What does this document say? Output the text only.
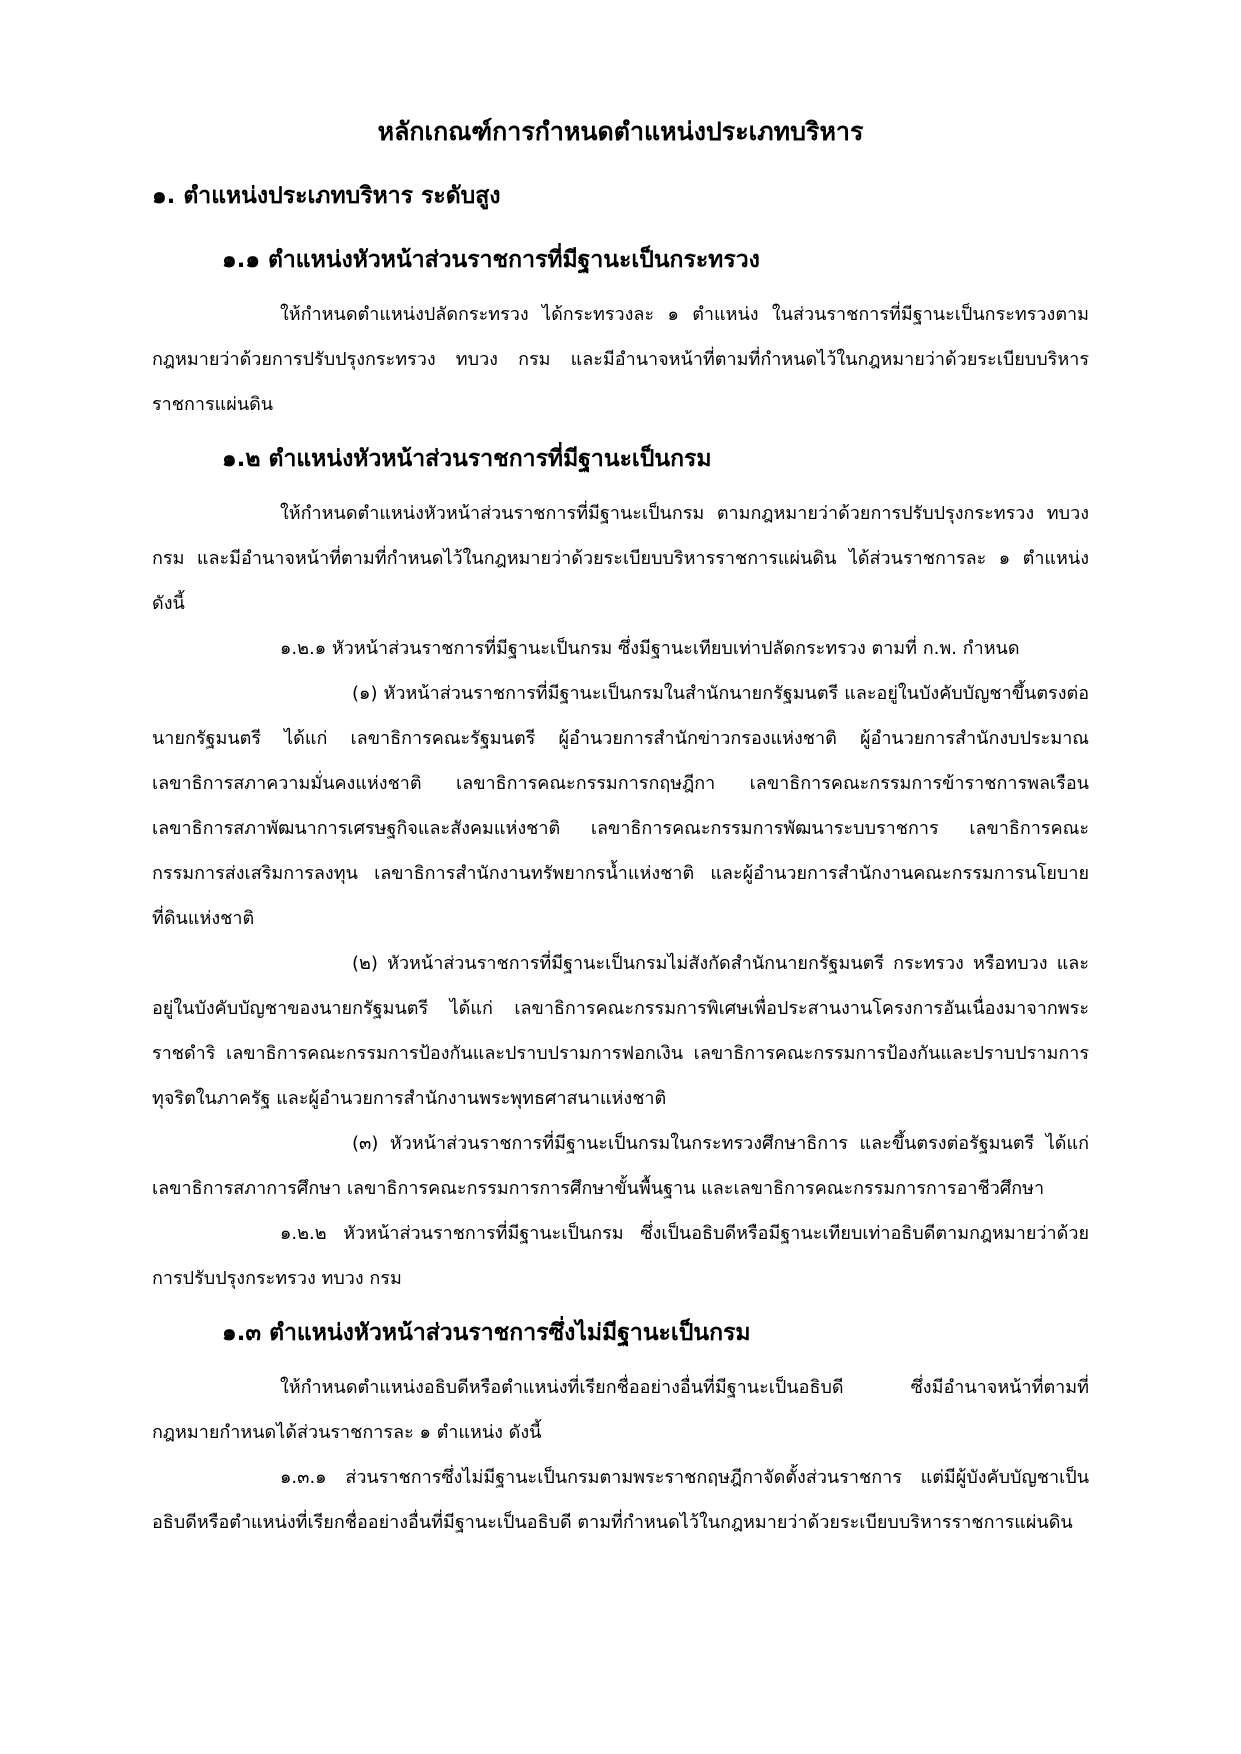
หลักเกณฑ์การกำหนดตำแหน่งประเภทบริหาร
๑. ตำแหน่งประเภทบริหาร ระดับสูง
๑.๑ ตำแหน่งหัวหน้าส่วนราชการที่มีฐานะเป็นกระทรวง

ให้กำหนดตำแหน่งปลัดกระทรวง ได้กระทรวงละ ๑ ตำแหน่ง ในส่วนราชการที่มีฐานะเป็นกระทรวงตามกฎหมายว่าด้วยการปรับปรุงกระทรวง ทบวง กรม และมีอำนาจหน้าที่ตามที่กำหนดไว้ในกฎหมายว่าด้วยระเบียบบริหารราชการแผ่นดิน

๑.๒ ตำแหน่งหัวหน้าส่วนราชการที่มีฐานะเป็นกรม

ให้กำหนดตำแหน่งหัวหน้าส่วนราชการที่มีฐานะเป็นกรม ตามกฎหมายว่าด้วยการปรับปรุงกระทรวง ทบวง กรม และมีอำนาจหน้าที่ตามที่กำหนดไว้ในกฎหมายว่าด้วยระเบียบบริหารราชการแผ่นดิน ได้ส่วนราชการละ ๑ ตำแหน่ง ดังนี้

๑.๒.๑ หัวหน้าส่วนราชการที่มีฐานะเป็นกรม ซึ่งมีฐานะเทียบเท่าปลัดกระทรวง ตามที่ ก.พ. กำหนด

(๑) หัวหน้าส่วนราชการที่มีฐานะเป็นกรมในสำนักนายกรัฐมนตรี และอยู่ในบังคับบัญชาขึ้นตรงต่อนายกรัฐมนตรี ได้แก่ เลขาธิการคณะรัฐมนตรี ผู้อำนวยการสำนักข่าวกรองแห่งชาติ ผู้อำนวยการสำนักงบประมาณ เลขาธิการสภาความมั่นคงแห่งชาติ เลขาธิการคณะกรรมการกฤษฎีกา เลขาธิการคณะกรรมการข้าราชการพลเรือน เลขาธิการสภาพัฒนาการเศรษฐกิจและสังคมแห่งชาติ เลขาธิการคณะกรรมการพัฒนาระบบราชการ เลขาธิการคณะกรรมการส่งเสริมการลงทุน เลขาธิการสำนักงานทรัพยากรน้ำแห่งชาติ และผู้อำนวยการสำนักงานคณะกรรมการนโยบายที่ดินแห่งชาติ

(๒) หัวหน้าส่วนราชการที่มีฐานะเป็นกรมไม่สังกัดสำนักนายกรัฐมนตรี กระทรวง หรือทบวง และอยู่ในบังคับบัญชาของนายกรัฐมนตรี ได้แก่ เลขาธิการคณะกรรมการพิเศษเพื่อประสานงานโครงการอันเนื่องมาจากพระราชดำริ เลขาธิการคณะกรรมการป้องกันและปราบปรามการฟอกเงิน เลขาธิการคณะกรรมการป้องกันและปราบปรามการทุจริตในภาครัฐ และผู้อำนวยการสำนักงานพระพุทธศาสนาแห่งชาติ

(๓) หัวหน้าส่วนราชการที่มีฐานะเป็นกรมในกระทรวงศึกษาธิการ และขึ้นตรงต่อรัฐมนตรี ได้แก่ เลขาธิการสภาการศึกษา เลขาธิการคณะกรรมการการศึกษาขั้นพื้นฐาน และเลขาธิการคณะกรรมการการอาชีวศึกษา

๑.๒.๒ หัวหน้าส่วนราชการที่มีฐานะเป็นกรม ซึ่งเป็นอธิบดีหรือมีฐานะเทียบเท่าอธิบดีตามกฎหมายว่าด้วยการปรับปรุงกระทรวง ทบวง กรม

๑.๓ ตำแหน่งหัวหน้าส่วนราชการซึ่งไม่มีฐานะเป็นกรม

ให้กำหนดตำแหน่งอธิบดีหรือตำแหน่งที่เรียกชื่ออย่างอื่นที่มีฐานะเป็นอธิบดี ซึ่งมีอำนาจหน้าที่ตามที่กฎหมายกำหนดได้ส่วนราชการละ ๑ ตำแหน่ง ดังนี้

๑.๓.๑ ส่วนราชการซึ่งไม่มีฐานะเป็นกรมตามพระราชกฤษฎีกาจัดตั้งส่วนราชการ แต่มีผู้บังคับบัญชาเป็นอธิบดีหรือตำแหน่งที่เรียกชื่ออย่างอื่นที่มีฐานะเป็นอธิบดี ตามที่กำหนดไว้ในกฎหมายว่าด้วยระเบียบบริหารราชการแผ่นดิน
